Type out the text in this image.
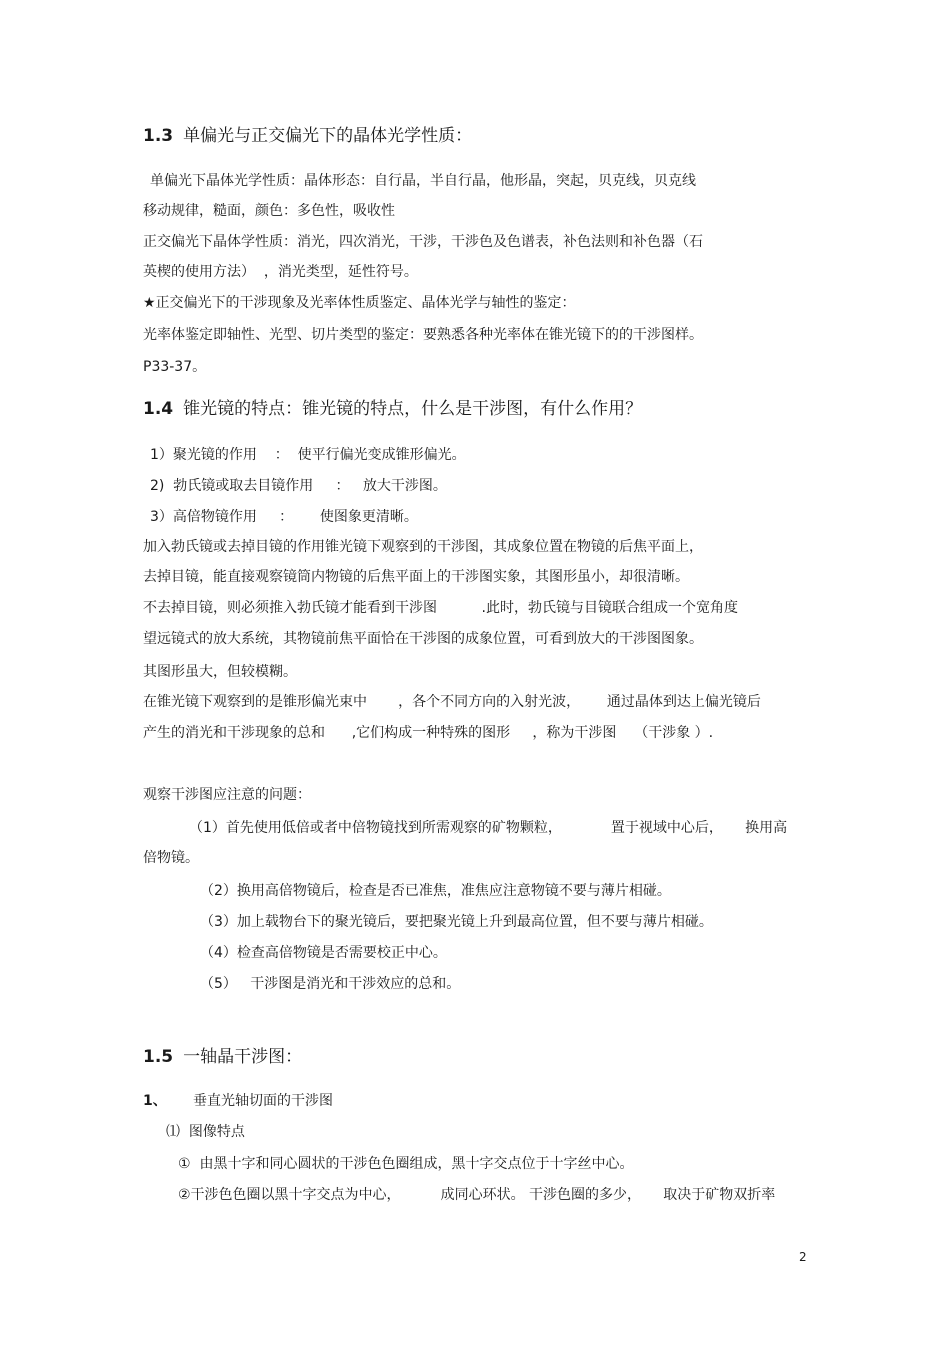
1.3 单偏光与正交偏光下的晶体光学性质：
单偏光下晶体光学性质：晶体形态：自行晶，半自行晶，他形晶，突起，贝克线，贝克线
移动规律，糙面，颜色：多色性，吸收性
正交偏光下晶体学性质：消光，四次消光，干涉，干涉色及色谱表，补色法则和补色器（石
英楔的使用方法）  ，消光类型，延性符号。
★正交偏光下的干涉现象及光率体性质鉴定、晶体光学与轴性的鉴定：
光率体鉴定即轴性、光型、切片类型的鉴定：要熟悉各种光率体在锥光镜下的的干涉图样。
P33-37。
1.4 锥光镜的特点：锥光镜的特点，什么是干涉图，有什么作用？
1）聚光镜的作用    ：  使平行偏光变成锥形偏光。
2)  勃氏镜或取去目镜作用     ：   放大干涉图。
3）高倍物镜作用     ：      使图象更清晰。
加入勃氏镜或去掉目镜的作用锥光镜下观察到的干涉图，其成象位置在物镜的后焦平面上，
去掉目镜，能直接观察镜筒内物镜的后焦平面上的干涉图实象，其图形虽小，却很清晰。
不去掉目镜，则必须推入勃氏镜才能看到干涉图          .此时，勃氏镜与目镜联合组成一个宽角度
望远镜式的放大系统，其物镜前焦平面恰在干涉图的成象位置，可看到放大的干涉图图象。
其图形虽大，但较模糊。
在锥光镜下观察到的是锥形偏光束中       ，各个不同方向的入射光波，      通过晶体到达上偏光镜后
产生的消光和干涉现象的总和      ,它们构成一种特殊的图形     ，称为干涉图    （干涉象 ）.
观察干涉图应注意的问题：
（1）首先使用低倍或者中倍物镜找到所需观察的矿物颗粒，           置于视域中心后，     换用高
倍物镜。
（2）换用高倍物镜后，检查是否已准焦，准焦应注意物镜不要与薄片相碰。
（3）加上载物台下的聚光镜后，要把聚光镜上升到最高位置，但不要与薄片相碰。
（4）检查高倍物镜是否需要校正中心。
（5）   干涉图是消光和干涉效应的总和。
1.5 一轴晶干涉图：
1、 垂直光轴切面的干涉图
⑴  图像特点
①  由黑十字和同心圆状的干涉色色圈组成，黑十字交点位于十字丝中心。
②干涉色色圈以黑十字交点为中心，         成同心环状。 干涉色圈的多少，     取决于矿物双折率
2
